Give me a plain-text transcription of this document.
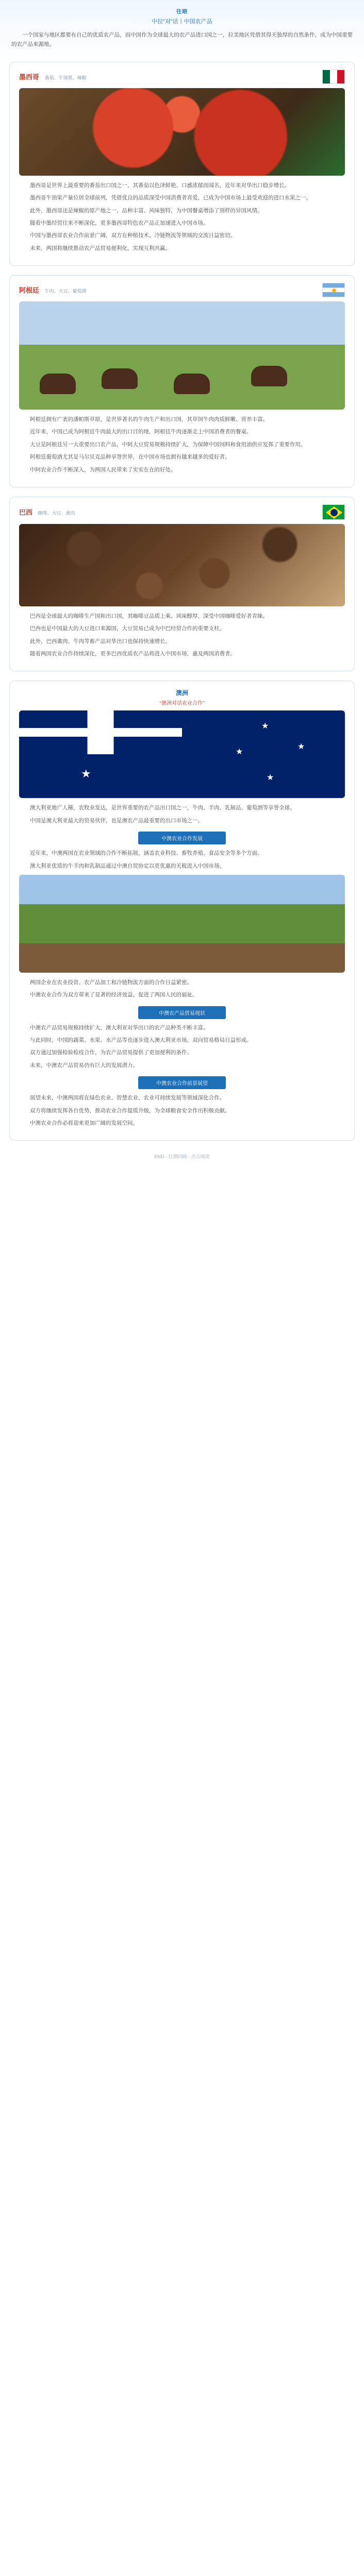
往期
中拉“对”话丨中国农产品

一个国家与地区都要有自己的优质农产品，而中国作为全球最大的农产品进口国之一，拉美地区凭借其得天独厚的自然条件，成为中国重要的农产品来源地。

墨西哥 番茄、牛油果、辣椒

墨西哥是世界上最重要的番茄出口国之一，其番茄以色泽鲜艳、口感浓郁而闻名，近年来对华出口稳步增长。

墨西哥牛油果产量位居全球前列，凭借优良的品质深受中国消费者喜爱，已成为中国市场上最受欢迎的进口水果之一。

此外，墨西哥还是辣椒的原产地之一，品种丰富、风味独特，为中国餐桌增添了别样的异国风情。

随着中墨经贸往来不断深化，更多墨西哥特色农产品正加速进入中国市场。

中国与墨西哥农业合作前景广阔，双方在种植技术、冷链物流等领域的交流日益密切。

未来，两国将继续推动农产品贸易便利化，实现互利共赢。

阿根廷 牛肉、大豆、葡萄酒

阿根廷拥有广袤的潘帕斯草原，是世界著名的牛肉生产和出口国，其草饲牛肉肉质鲜嫩、营养丰富。

近年来，中国已成为阿根廷牛肉最大的出口目的地，阿根廷牛肉逐渐走上中国消费者的餐桌。

大豆是阿根廷另一大重要出口农产品，中阿大豆贸易规模持续扩大，为保障中国饲料和食用油供应发挥了重要作用。

阿根廷葡萄酒尤其是马尔贝克品种享誉世界，在中国市场也拥有越来越多的爱好者。

中阿农业合作不断深入，为两国人民带来了实实在在的好处。

巴西 咖啡、大豆、禽肉

巴西是全球最大的咖啡生产国和出口国，其咖啡豆品质上乘、风味醇厚，深受中国咖啡爱好者青睐。

巴西也是中国最大的大豆进口来源国，大豆贸易已成为中巴经贸合作的重要支柱。

此外，巴西禽肉、牛肉等畜产品对华出口也保持快速增长。

随着两国农业合作持续深化，更多巴西优质农产品将进入中国市场，惠及两国消费者。

澳洲
“澳洲对话农业合作”
★
★
★
★
★

澳大利亚地广人稀，农牧业发达，是世界重要的农产品出口国之一，牛肉、羊肉、乳制品、葡萄酒等享誉全球。

中国是澳大利亚最大的贸易伙伴，也是澳农产品最重要的出口市场之一。

中澳农业合作发展

近年来，中澳两国在农业领域的合作不断拓展，涵盖农业科技、畜牧养殖、食品安全等多个方面。

澳大利亚优质的牛羊肉和乳制品通过中澳自贸协定以更优惠的关税进入中国市场。

两国企业在农业投资、农产品加工和冷链物流方面的合作日益紧密。

中澳农业合作为双方带来了显著的经济效益，促进了两国人民的福祉。

中澳农产品贸易现状

中澳农产品贸易规模持续扩大，澳大利亚对华出口的农产品种类不断丰富。

与此同时，中国的蔬菜、水果、水产品等也逐步进入澳大利亚市场，双向贸易格局日益形成。

双方通过加强检验检疫合作，为农产品贸易提供了更加便利的条件。

未来，中澳农产品贸易仍有巨大的发展潜力。

中澳农业合作前景展望

展望未来，中澳两国将在绿色农业、智慧农业、农业可持续发展等领域深化合作。

双方将继续发挥各自优势，推动农业合作提质升级，为全球粮食安全作出积极贡献。

中澳农业合作必将迎来更加广阔的发展空间。

END · 往期回顾 · 点击阅读
